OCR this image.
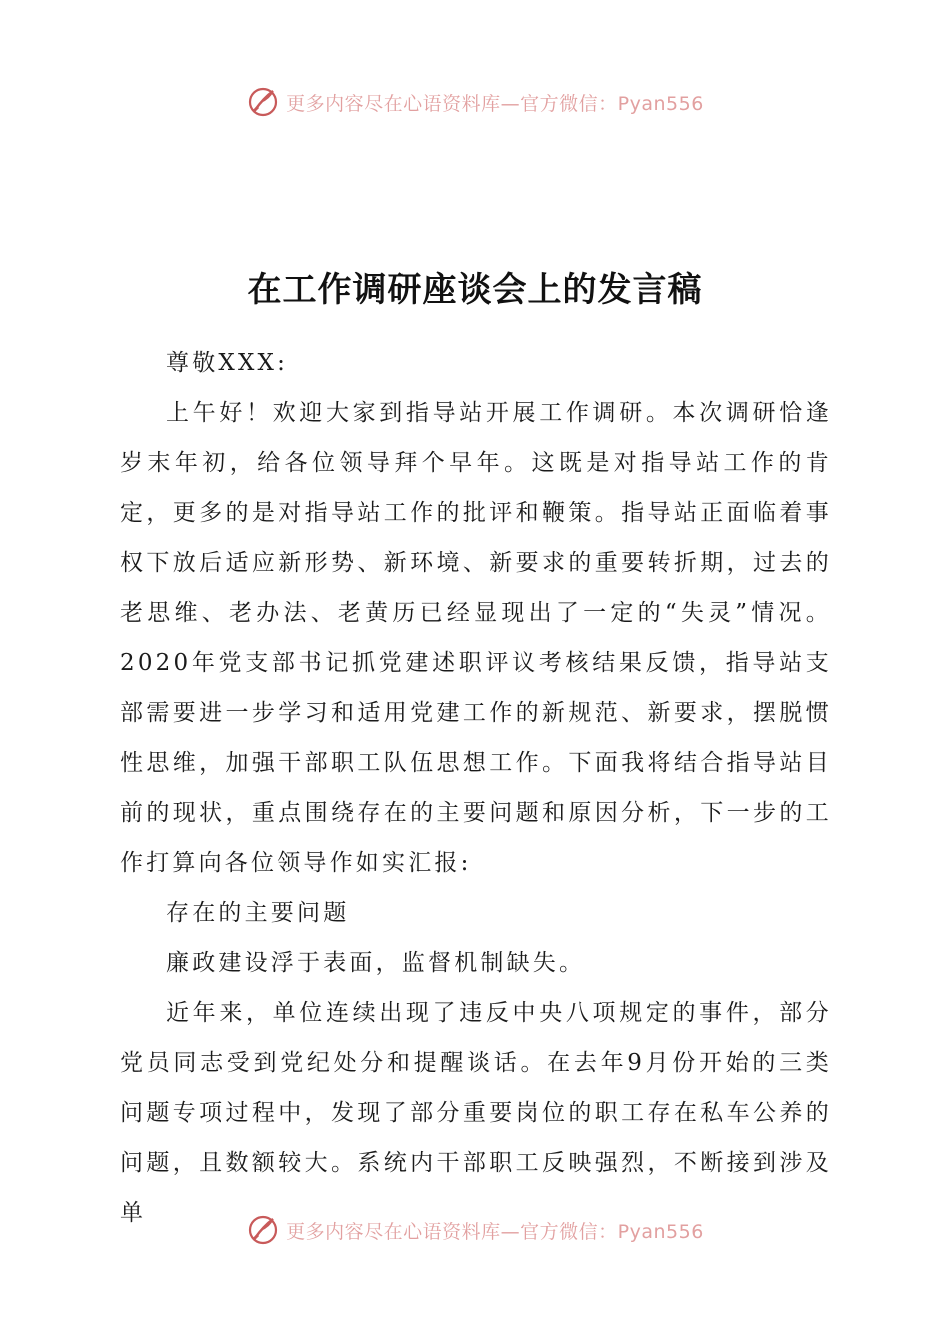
更多内容尽在心语资料库—官方微信：Pyan556
在工作调研座谈会上的发言稿

尊敬XXX:

上午好！欢迎大家到指导站开展工作调研。本次调研恰逢岁末年初，给各位领导拜个早年。这既是对指导站工作的肯定，更多的是对指导站工作的批评和鞭策。指导站正面临着事权下放后适应新形势、新环境、新要求的重要转折期，过去的老思维、老办法、老黄历已经显现出了一定的“失灵”情况。2020年党支部书记抓党建述职评议考核结果反馈，指导站支部需要进一步学习和适用党建工作的新规范、新要求，摆脱惯性思维，加强干部职工队伍思想工作。下面我将结合指导站目前的现状，重点围绕存在的主要问题和原因分析，下一步的工作打算向各位领导作如实汇报:

存在的主要问题

廉政建设浮于表面，监督机制缺失。

近年来，单位连续出现了违反中央八项规定的事件，部分党员同志受到党纪处分和提醒谈话。在去年9月份开始的三类问题专项过程中，发现了部分重要岗位的职工存在私车公养的问题，且数额较大。系统内干部职工反映强烈，不断接到涉及单

更多内容尽在心语资料库—官方微信：Pyan556
